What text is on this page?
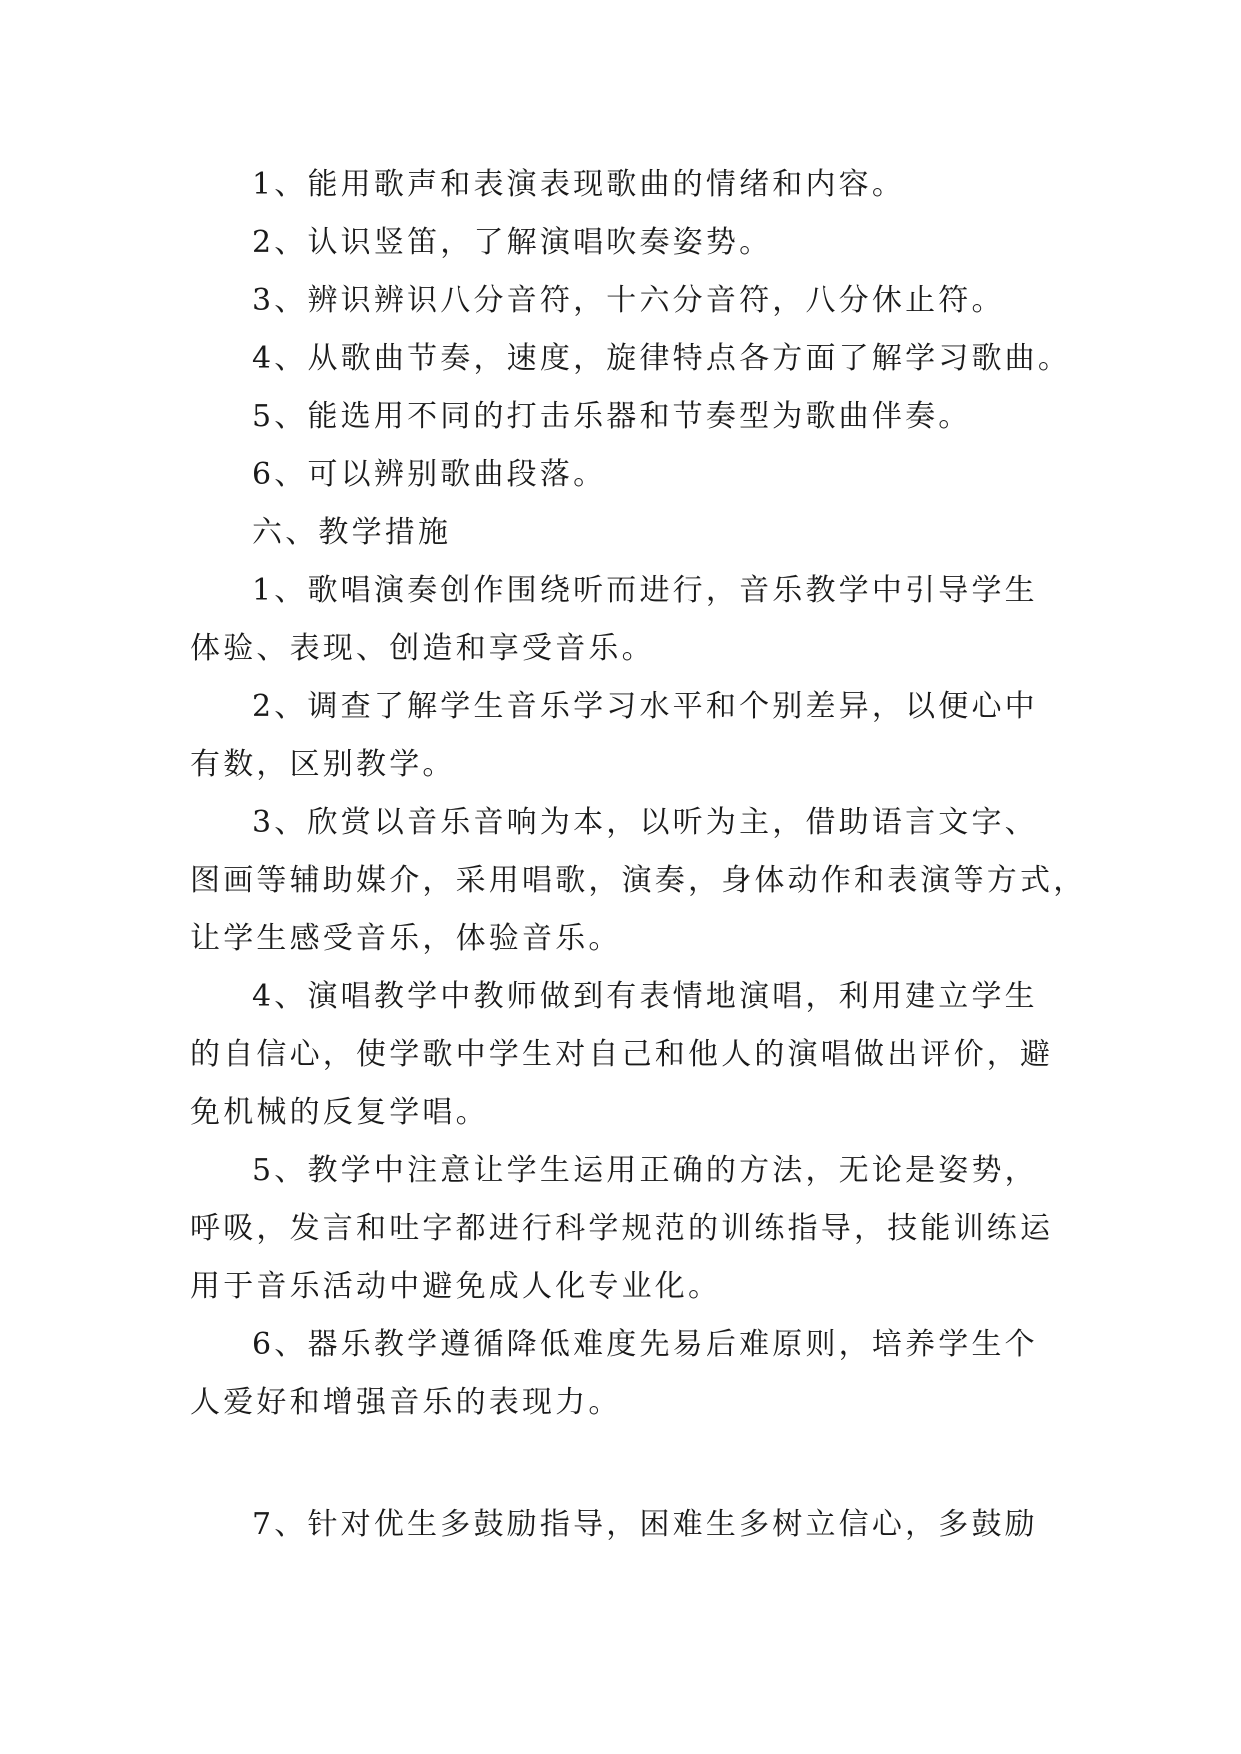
1、能用歌声和表演表现歌曲的情绪和内容。
2、认识竖笛，了解演唱吹奏姿势。
3、辨识辨识八分音符，十六分音符，八分休止符。
4、从歌曲节奏，速度，旋律特点各方面了解学习歌曲。
5、能选用不同的打击乐器和节奏型为歌曲伴奏。
6、可以辨别歌曲段落。
六、教学措施
1、歌唱演奏创作围绕听而进行，音乐教学中引导学生
体验、表现、创造和享受音乐。
2、调查了解学生音乐学习水平和个别差异，以便心中
有数，区别教学。
3、欣赏以音乐音响为本，以听为主，借助语言文字、
图画等辅助媒介，采用唱歌，演奏，身体动作和表演等方式，
让学生感受音乐，体验音乐。
4、演唱教学中教师做到有表情地演唱，利用建立学生
的自信心，使学歌中学生对自己和他人的演唱做出评价，避
免机械的反复学唱。
5、教学中注意让学生运用正确的方法，无论是姿势，
呼吸，发言和吐字都进行科学规范的训练指导，技能训练运
用于音乐活动中避免成人化专业化。
6、器乐教学遵循降低难度先易后难原则，培养学生个
人爱好和增强音乐的表现力。
7、针对优生多鼓励指导，困难生多树立信心，多鼓励
